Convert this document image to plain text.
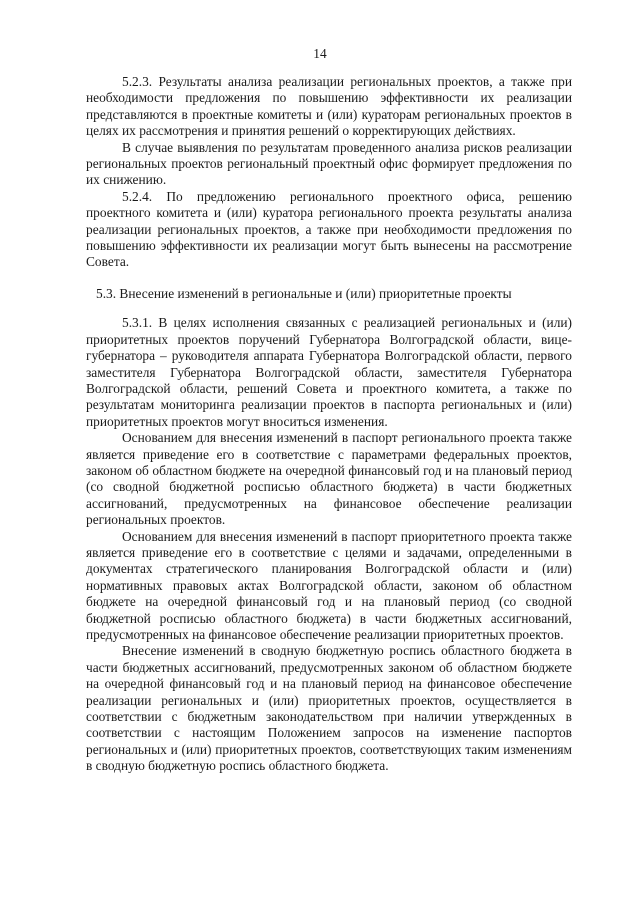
14

5.2.3. Результаты анализа реализации региональных проектов, а также при необходимости предложения по повышению эффективности их реализации представляются в проектные комитеты и (или) кураторам региональных проектов в целях их рассмотрения и принятия решений о корректирующих действиях.

В случае выявления по результатам проведенного анализа рисков реализации региональных проектов региональный проектный офис формирует предложения по их снижению.

5.2.4. По предложению регионального проектного офиса, решению проектного комитета и (или) куратора регионального проекта результаты анализа реализации региональных проектов, а также при необходимости предложения по повышению эффективности их реализации могут быть вынесены на рассмотрение Совета.

5.3. Внесение изменений в региональные и (или) приоритетные проекты

5.3.1. В целях исполнения связанных с реализацией региональных и (или) приоритетных проектов поручений Губернатора Волгоградской области, вице-губернатора – руководителя аппарата Губернатора Волгоградской области, первого заместителя Губернатора Волгоградской области, заместителя Губернатора Волгоградской области, решений Совета и проектного комитета, а также по результатам мониторинга реализации проектов в паспорта региональных и (или) приоритетных проектов могут вноситься изменения.

Основанием для внесения изменений в паспорт регионального проекта также является приведение его в соответствие с параметрами федеральных проектов, законом об областном бюджете на очередной финансовый год и на плановый период (со сводной бюджетной росписью областного бюджета) в части бюджетных ассигнований, предусмотренных на финансовое обеспечение реализации региональных проектов.

Основанием для внесения изменений в паспорт приоритетного проекта также является приведение его в соответствие с целями и задачами, определенными в документах стратегического планирования Волгоградской области и (или) нормативных правовых актах Волгоградской области, законом об областном бюджете на очередной финансовый год и на плановый период (со сводной бюджетной росписью областного бюджета) в части бюджетных ассигнований, предусмотренных на финансовое обеспечение реализации приоритетных проектов.

Внесение изменений в сводную бюджетную роспись областного бюджета в части бюджетных ассигнований, предусмотренных законом об областном бюджете на очередной финансовый год и на плановый период на финансовое обеспечение реализации региональных и (или) приоритетных проектов, осуществляется в соответствии с бюджетным законодательством при наличии утвержденных в соответствии с настоящим Положением запросов на изменение паспортов региональных и (или) приоритетных проектов, соответствующих таким изменениям в сводную бюджетную роспись областного бюджета.
